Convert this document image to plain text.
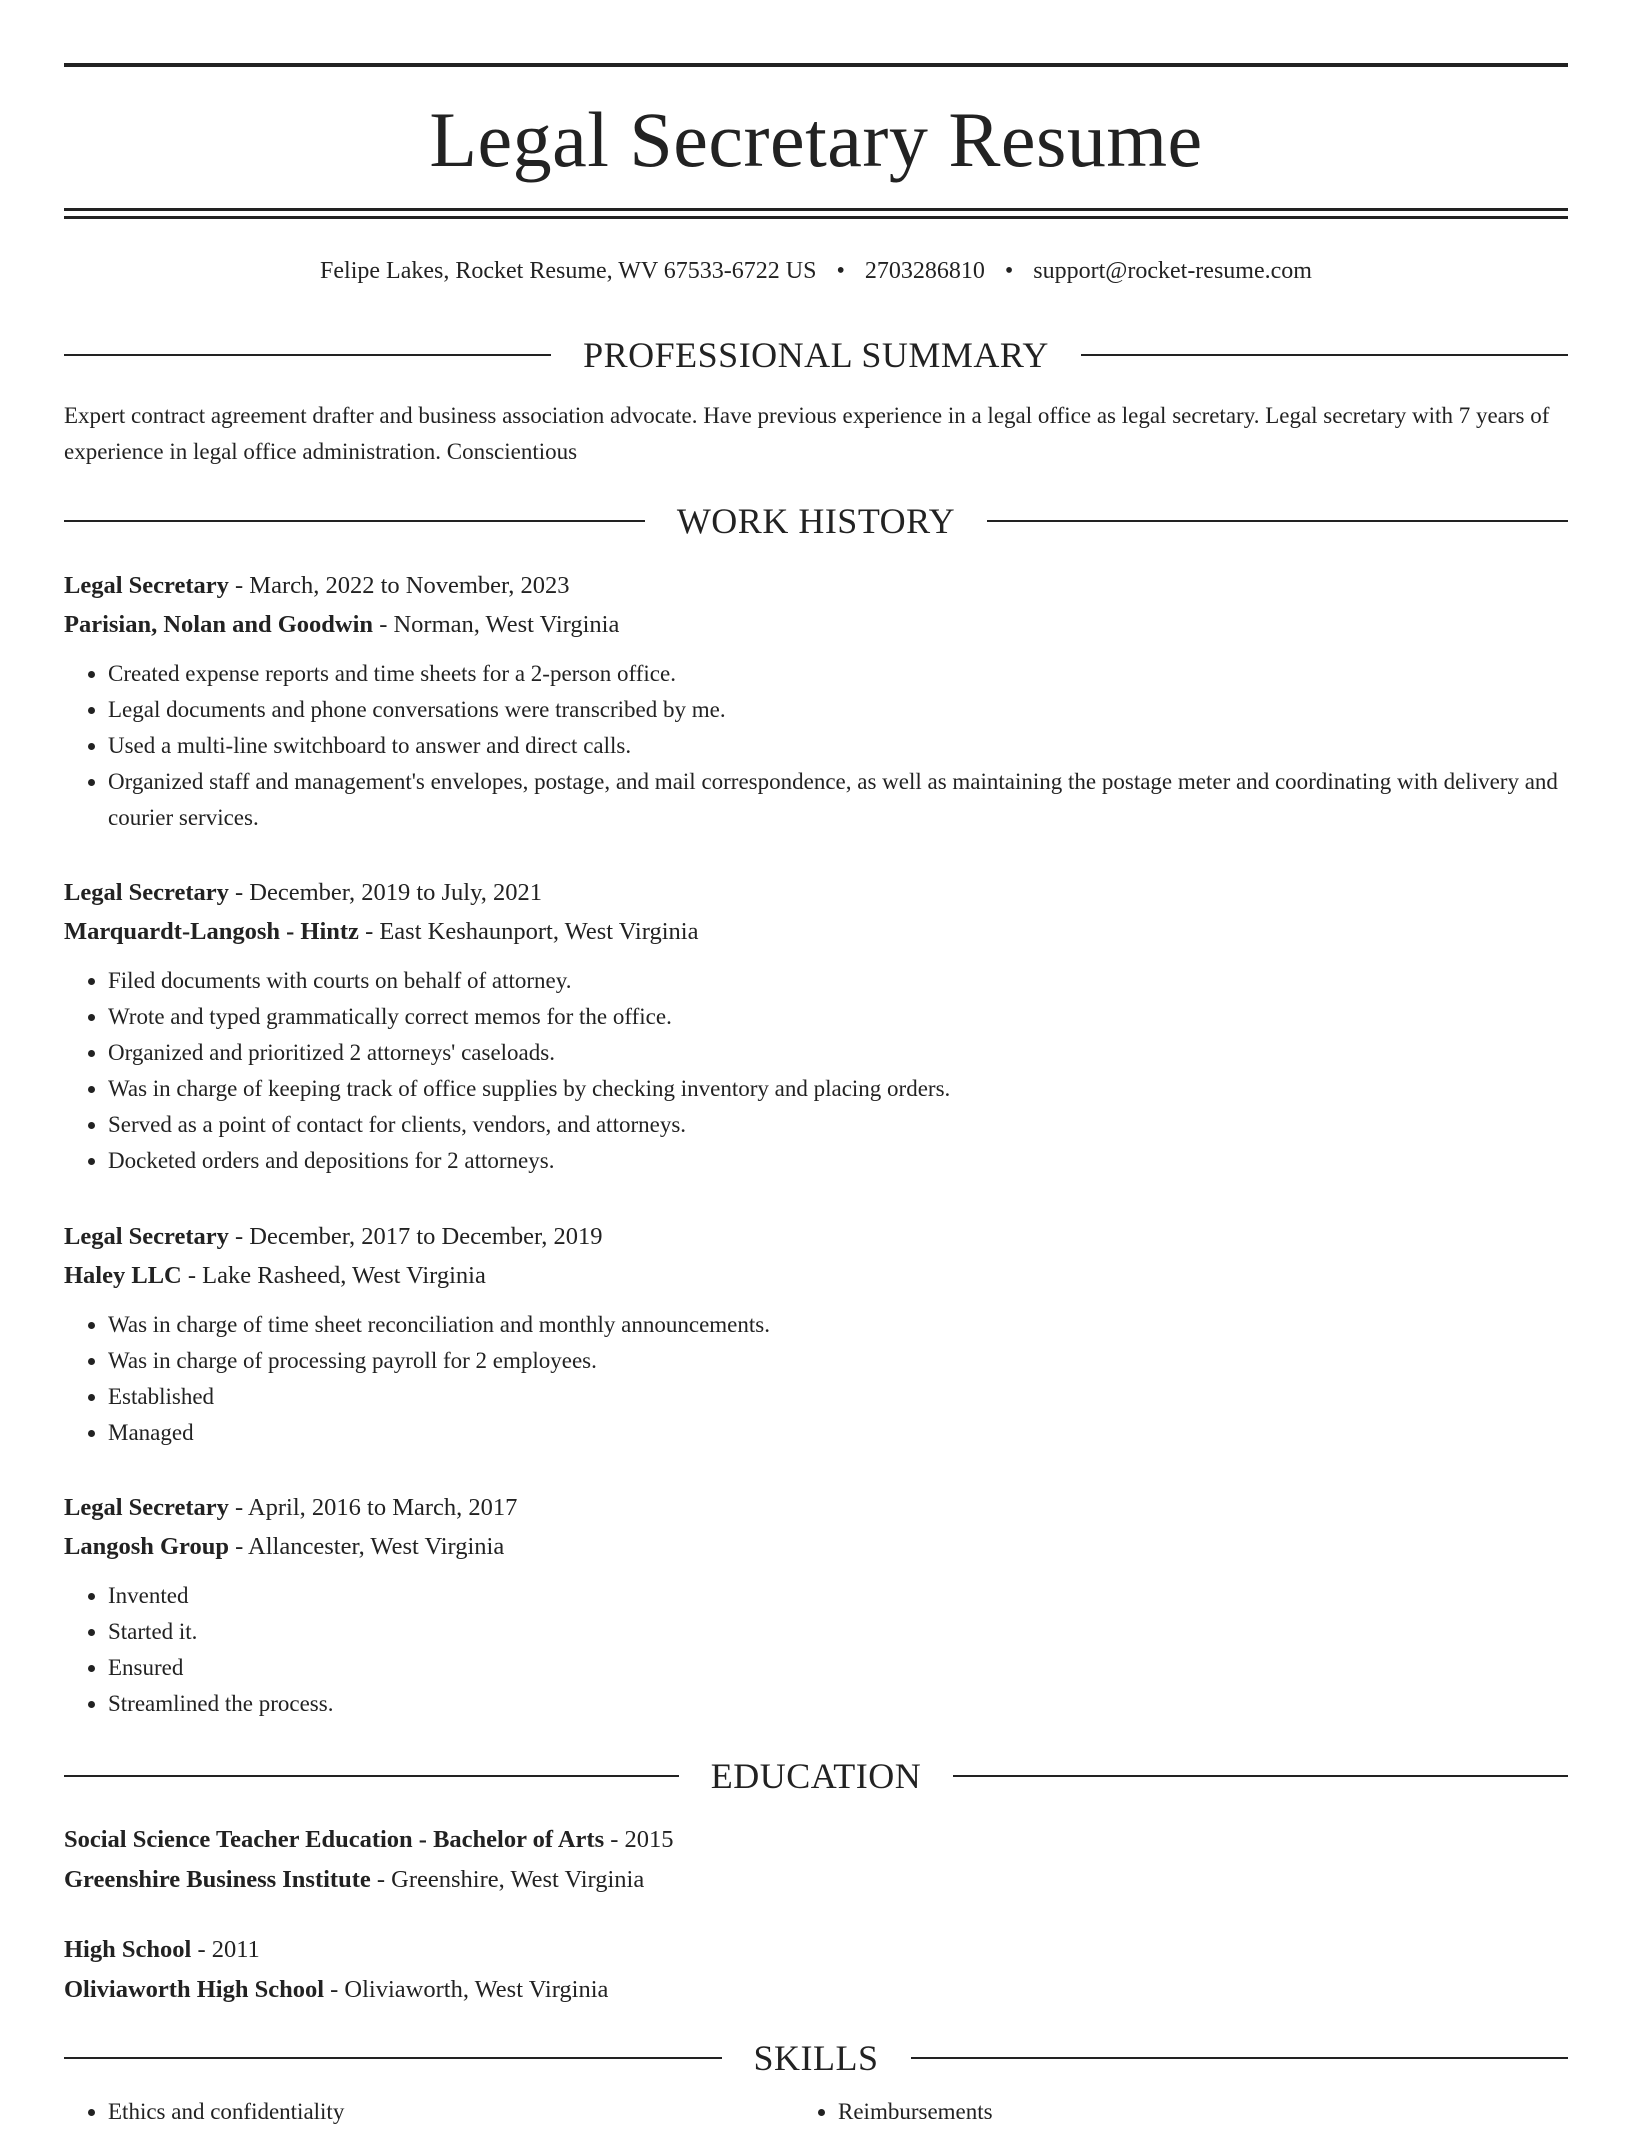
Legal Secretary Resume
Felipe Lakes, Rocket Resume, WV 67533-6722 US • 2703286810 • support@rocket-resume.com
PROFESSIONAL SUMMARY
Expert contract agreement drafter and business association advocate. Have previous experience in a legal office as legal secretary. Legal secretary with 7 years of experience in legal office administration. Conscientious
WORK HISTORY
Legal Secretary - March, 2022 to November, 2023
Parisian, Nolan and Goodwin - Norman, West Virginia
• Created expense reports and time sheets for a 2-person office.
• Legal documents and phone conversations were transcribed by me.
• Used a multi-line switchboard to answer and direct calls.
• Organized staff and management's envelopes, postage, and mail correspondence, as well as maintaining the postage meter and coordinating with delivery and courier services.
Legal Secretary - December, 2019 to July, 2021
Marquardt-Langosh - Hintz - East Keshaunport, West Virginia
• Filed documents with courts on behalf of attorney.
• Wrote and typed grammatically correct memos for the office.
• Organized and prioritized 2 attorneys' caseloads.
• Was in charge of keeping track of office supplies by checking inventory and placing orders.
• Served as a point of contact for clients, vendors, and attorneys.
• Docketed orders and depositions for 2 attorneys.
Legal Secretary - December, 2017 to December, 2019
Haley LLC - Lake Rasheed, West Virginia
• Was in charge of time sheet reconciliation and monthly announcements.
• Was in charge of processing payroll for 2 employees.
• Established
• Managed
Legal Secretary - April, 2016 to March, 2017
Langosh Group - Allancester, West Virginia
• Invented
• Started it.
• Ensured
• Streamlined the process.
EDUCATION
Social Science Teacher Education - Bachelor of Arts - 2015
Greenshire Business Institute - Greenshire, West Virginia
High School - 2011
Oliviaworth High School - Oliviaworth, West Virginia
SKILLS
• Ethics and confidentiality
•	Reimbursements
